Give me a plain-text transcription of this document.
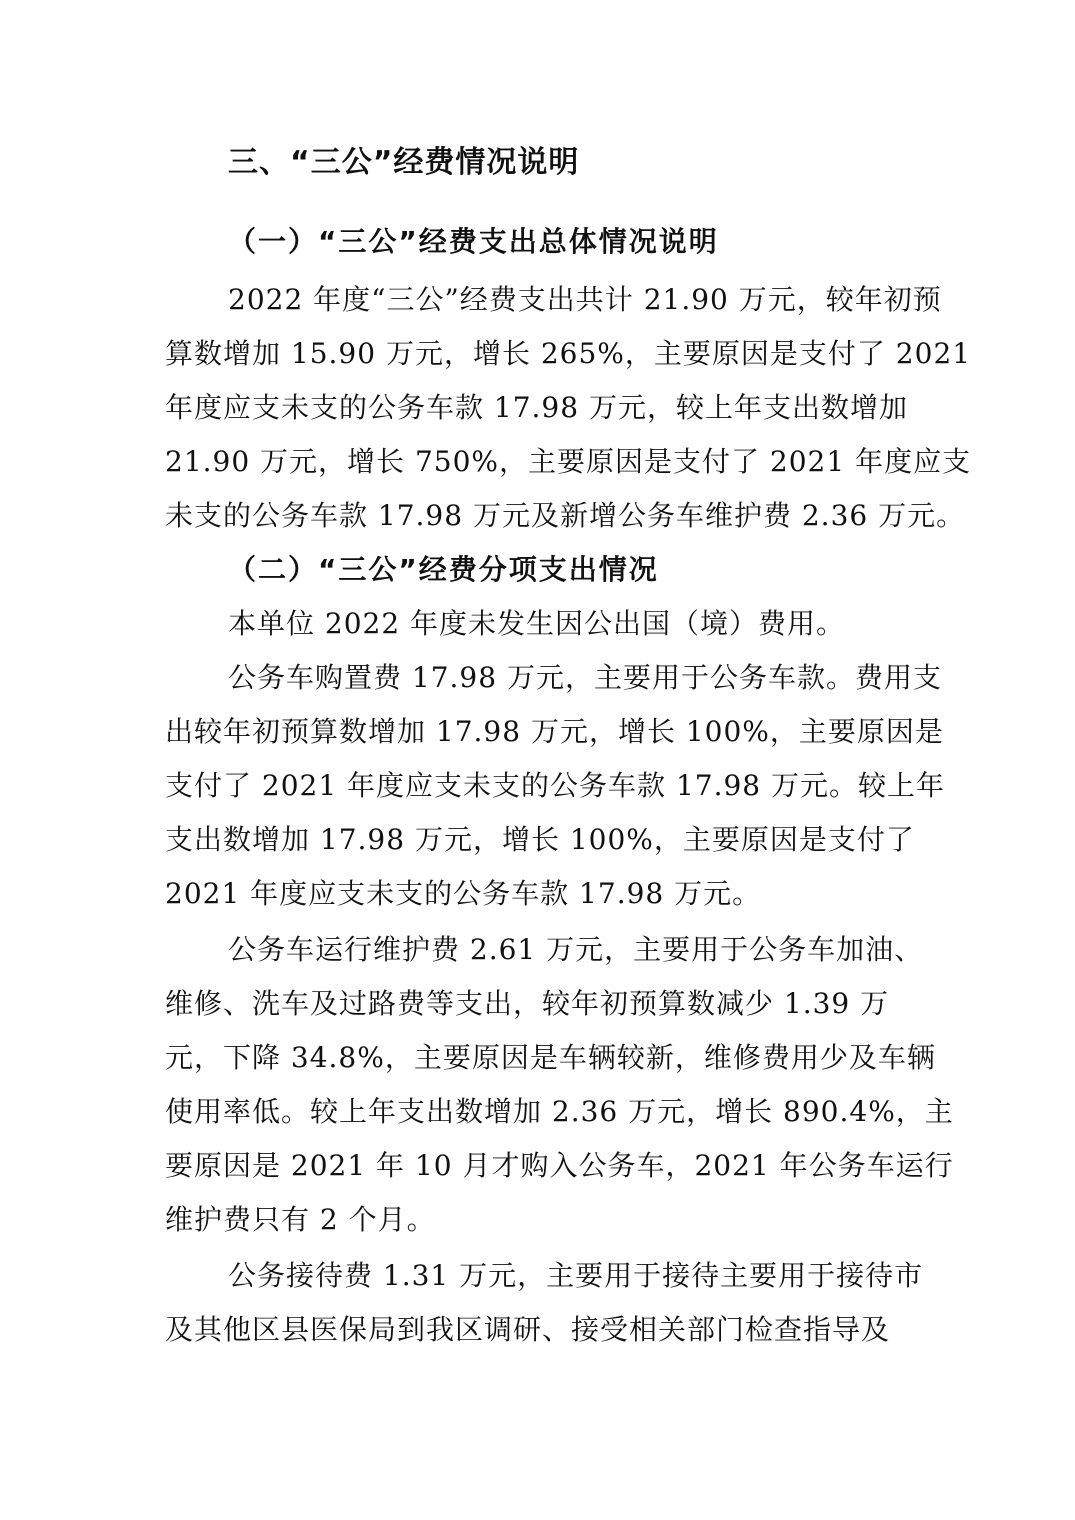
三、“三公”经费情况说明
（一）“三公”经费支出总体情况说明
2022 年度“三公”经费支出共计 21.90 万元，较年初预
算数增加 15.90 万元，增长 265%，主要原因是支付了 2021
年度应支未支的公务车款 17.98 万元，较上年支出数增加
21.90 万元，增长 750%，主要原因是支付了 2021 年度应支
未支的公务车款 17.98 万元及新增公务车维护费 2.36 万元。
（二）“三公”经费分项支出情况
本单位 2022 年度未发生因公出国（境）费用。
公务车购置费 17.98 万元，主要用于公务车款。费用支
出较年初预算数增加 17.98 万元，增长 100%，主要原因是
支付了 2021 年度应支未支的公务车款 17.98 万元。较上年
支出数增加 17.98 万元，增长 100%，主要原因是支付了
2021 年度应支未支的公务车款 17.98 万元。
公务车运行维护费 2.61 万元，主要用于公务车加油、
维修、洗车及过路费等支出，较年初预算数减少 1.39 万
元，下降 34.8%，主要原因是车辆较新，维修费用少及车辆
使用率低。较上年支出数增加 2.36 万元，增长 890.4%，主
要原因是 2021 年 10 月才购入公务车，2021 年公务车运行
维护费只有 2 个月。
公务接待费 1.31 万元，主要用于接待主要用于接待市
及其他区县医保局到我区调研、接受相关部门检查指导及
